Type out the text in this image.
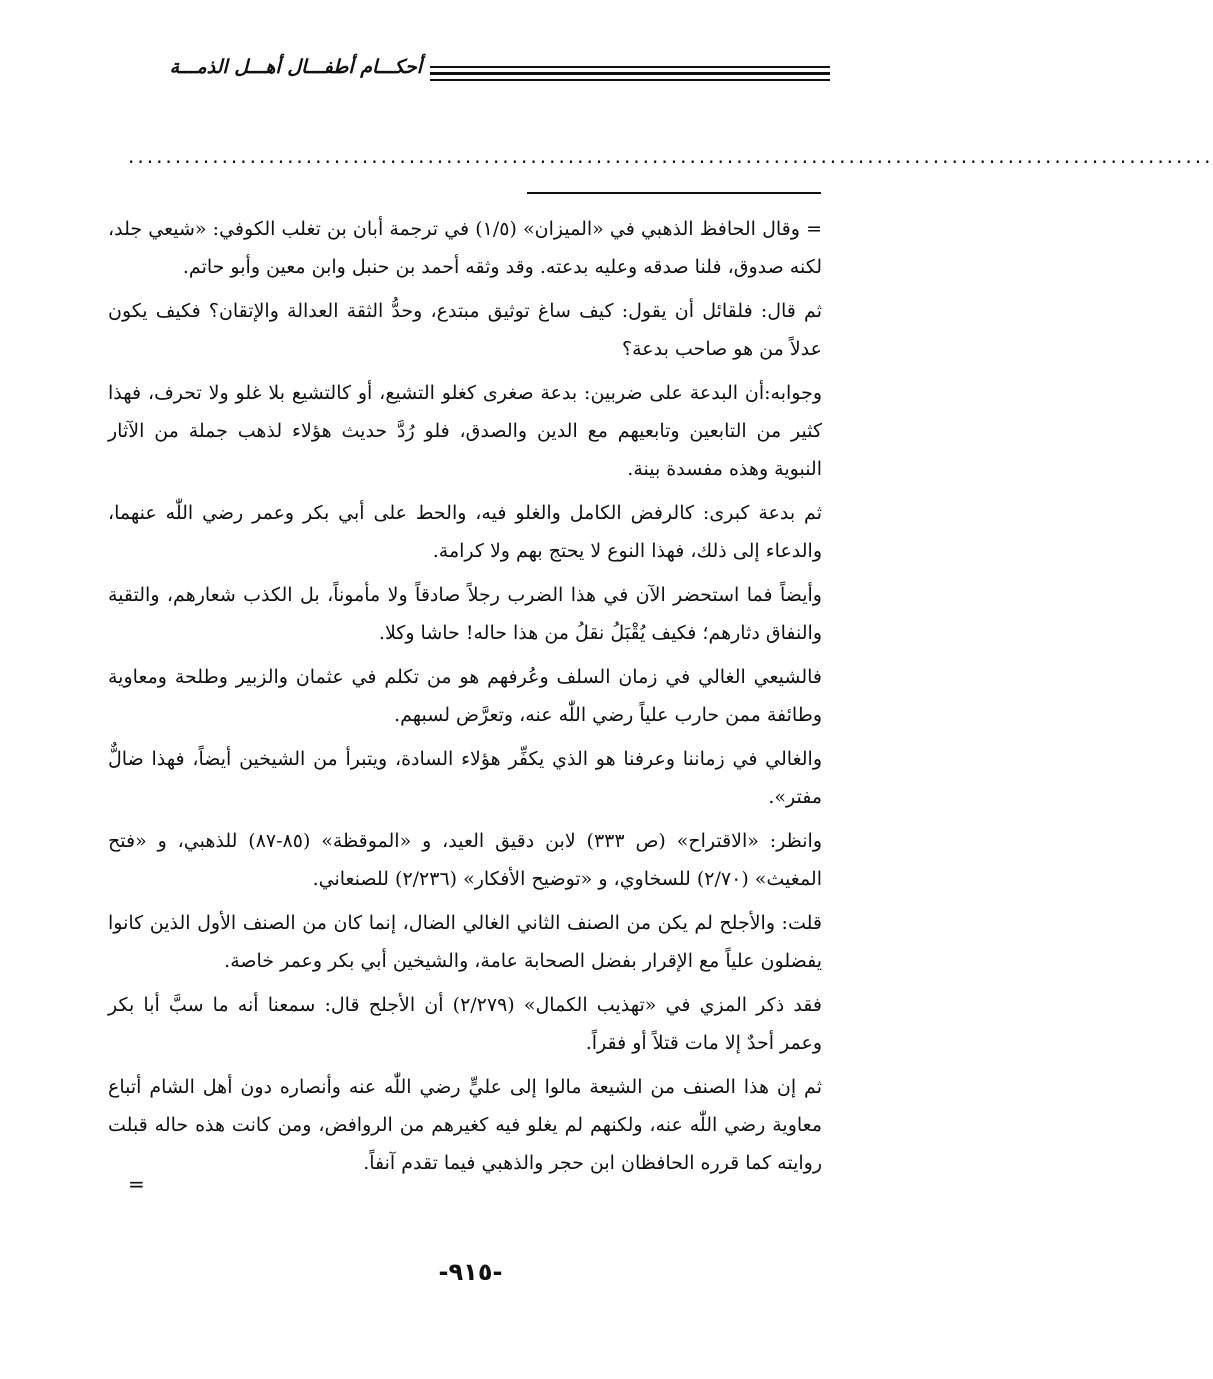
أحكـــام أطفـــال أهـــل الذمـــة
....................................................................................................................

= وقال الحافظ الذهبي في «الميزان» (١/٥) في ترجمة أبان بن تغلب الكوفي: «شيعي جلد، لكنه صدوق، فلنا صدقه وعليه بدعته. وقد وثقه أحمد بن حنبل وابن معين وأبو حاتم.

ثم قال: فلقائل أن يقول: كيف ساغ توثيق مبتدع، وحدُّ الثقة العدالة والإتقان؟ فكيف يكون عدلاً من هو صاحب بدعة؟

وجوابه:أن البدعة على ضربين: بدعة صغرى كغلو التشيع، أو كالتشيع بلا غلو ولا تحرف، فهذا كثير من التابعين وتابعيهم مع الدين والصدق، فلو رُدَّ حديث هؤلاء لذهب جملة من الآثار النبوية وهذه مفسدة بينة.

ثم بدعة كبرى: كالرفض الكامل والغلو فيه، والحط على أبي بكر وعمر رضي اللّٰه عنهما، والدعاء إلى ذلك، فهذا النوع لا يحتج بهم ولا كرامة.

وأيضاً فما استحضر الآن في هذا الضرب رجلاً صادقاً ولا مأموناً، بل الكذب شعارهم، والتقية والنفاق دثارهم؛ فكيف يُقْبَلُ نقلُ من هذا حاله! حاشا وكلا.

فالشيعي الغالي في زمان السلف وعُرفهم هو من تكلم في عثمان والزبير وطلحة ومعاوية وطائفة ممن حارب علياً رضي اللّٰه عنه، وتعرَّض لسبهم.

والغالي في زماننا وعرفنا هو الذي يكفِّر هؤلاء السادة، ويتبرأ من الشيخين أيضاً، فهذا ضالٌّ مفتر».

وانظر: «الاقتراح» (ص ٣٣٣) لابن دقيق العيد، و «الموقظة» (٨٥-٨٧) للذهبي، و «فتح المغيث» (٢/٧٠) للسخاوي، و «توضيح الأفكار» (٢/٢٣٦) للصنعاني.

قلت: والأجلح لم يكن من الصنف الثاني الغالي الضال، إنما كان من الصنف الأول الذين كانوا يفضلون علياً مع الإقرار بفضل الصحابة عامة، والشيخين أبي بكر وعمر خاصة.

فقد ذكر المزي في «تهذيب الكمال» (٢/٢٧٩) أن الأجلح قال: سمعنا أنه ما سبَّ أبا بكر وعمر أحدٌ إلا مات قتلاً أو فقراً.

ثم إن هذا الصنف من الشيعة مالوا إلى عليٍّ رضي اللّٰه عنه وأنصاره دون أهل الشام أتباع معاوية رضي اللّٰه عنه، ولكنهم لم يغلو فيه كغيرهم من الروافض، ومن كانت هذه حاله قبلت روايته كما قرره الحافظان ابن حجر والذهبي فيما تقدم آنفاً.

=
-٩١٥-
